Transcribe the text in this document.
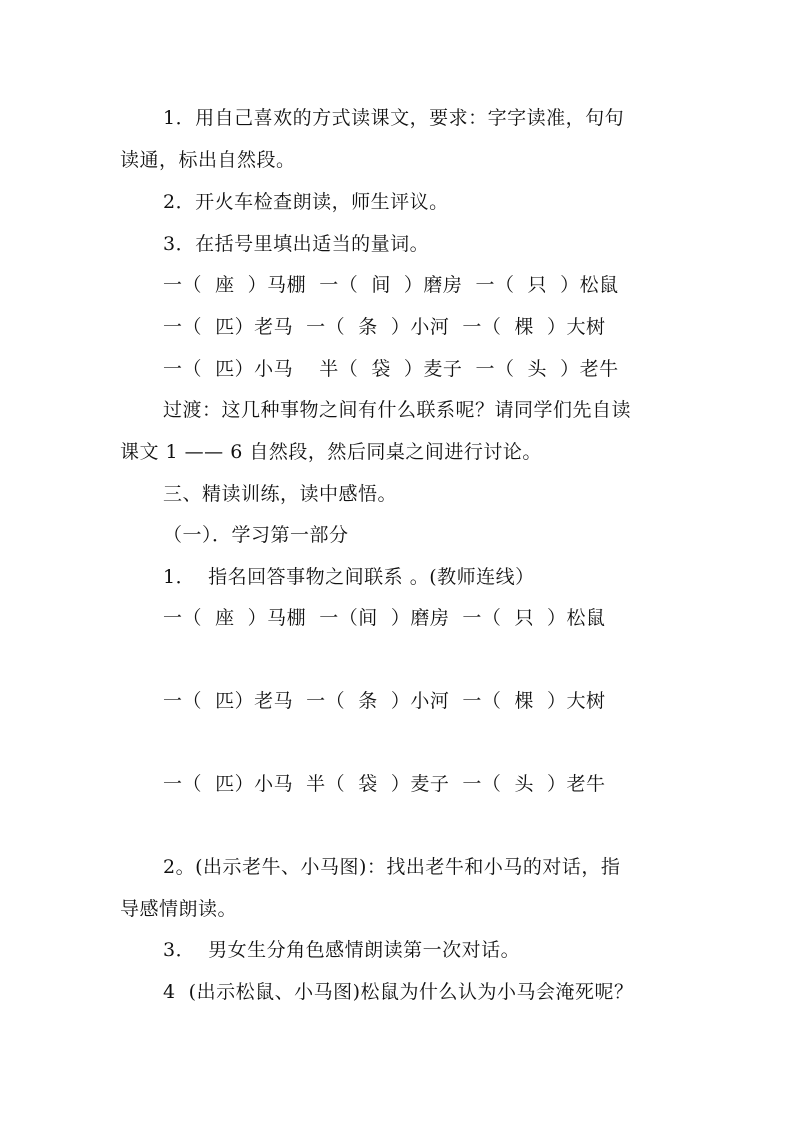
1．用自己喜欢的方式读课文，要求：字字读准，句句
读通，标出自然段。
2．开火车检查朗读，师生评议。
3．在括号里填出适当的量词。
一（  座  ）马棚  一（  间  ）磨房  一（  只  ）松鼠
一（  匹）老马  一（  条  ）小河  一（  棵  ）大树
一（  匹）小马    半（  袋  ）麦子  一（  头  ）老牛
过渡：这几种事物之间有什么联系呢？请同学们先自读
课文 1 —— 6 自然段，然后同桌之间进行讨论。
三、精读训练，读中感悟。
（一）．学习第一部分
1．  指名回答事物之间联系 。(教师连线）
一（  座  ）马棚  一（间  ）磨房  一（  只  ）松鼠
一（  匹）老马  一（  条  ）小河  一（  棵  ）大树
一（  匹）小马  半（  袋  ）麦子  一（  头  ）老牛
2。(出示老牛、小马图)：找出老牛和小马的对话，指
导感情朗读。
3．  男女生分角色感情朗读第一次对话。
4  (出示松鼠、小马图)松鼠为什么认为小马会淹死呢？
